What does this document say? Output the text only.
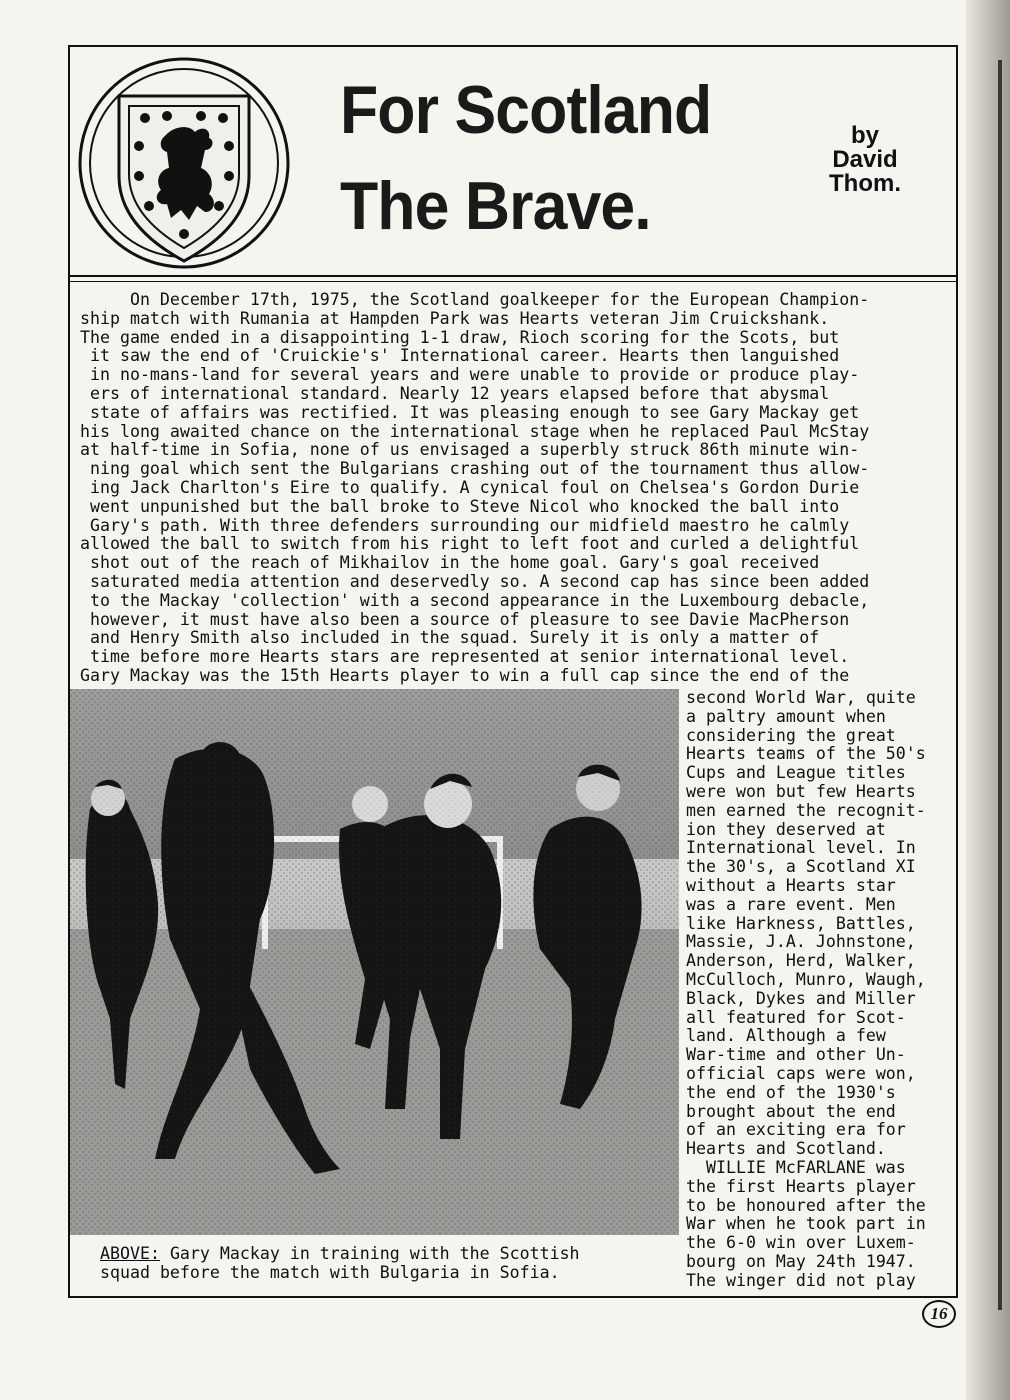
For Scotland
The Brave.
by
David
Thom.
On December 17th, 1975, the Scotland goalkeeper for the European Champion-
ship match with Rumania at Hampden Park was Hearts veteran Jim Cruickshank.
The game ended in a disappointing 1-1 draw, Rioch scoring for the Scots, but
it saw the end of 'Cruickie's' International career. Hearts then languished
in no-mans-land for several years and were unable to provide or produce play-
ers of international standard. Nearly 12 years elapsed before that abysmal
state of affairs was rectified. It was pleasing enough to see Gary Mackay get
his long awaited chance on the international stage when he replaced Paul McStay
at half-time in Sofia, none of us envisaged a superbly struck 86th minute win-
ning goal which sent the Bulgarians crashing out of the tournament thus allow-
ing Jack Charlton's Eire to qualify. A cynical foul on Chelsea's Gordon Durie
went unpunished but the ball broke to Steve Nicol who knocked the ball into
Gary's path. With three defenders surrounding our midfield maestro he calmly
allowed the ball to switch from his right to left foot and curled a delightful
shot out of the reach of Mikhailov in the home goal. Gary's goal received
saturated media attention and deservedly so. A second cap has since been added
to the Mackay 'collection' with a second appearance in the Luxembourg debacle,
however, it must have also been a source of pleasure to see Davie MacPherson
and Henry Smith also included in the squad. Surely it is only a matter of
time before more Hearts stars are represented at senior international level.
Gary Mackay was the 15th Hearts player to win a full cap since the end of the
second World War, quite
a paltry amount when
considering the great
Hearts teams of the 50's
Cups and League titles
were won but few Hearts
men earned the recognit-
ion they deserved at
International level. In
the 30's, a Scotland XI
without a Hearts star
was a rare event. Men
like Harkness, Battles,
Massie, J.A. Johnstone,
Anderson, Herd, Walker,
McCulloch, Munro, Waugh,
Black, Dykes and Miller
all featured for Scot-
land. Although a few
War-time and other Un-
official caps were won,
the end of the 1930's
brought about the end
of an exciting era for
Hearts and Scotland.
WILLIE McFARLANE was
the first Hearts player
to be honoured after the
War when he took part in
the 6-0 win over Luxem-
bourg on May 24th 1947.
The winger did not play
ABOVE: Gary Mackay in training with the Scottish
squad before the match with Bulgaria in Sofia.
16
